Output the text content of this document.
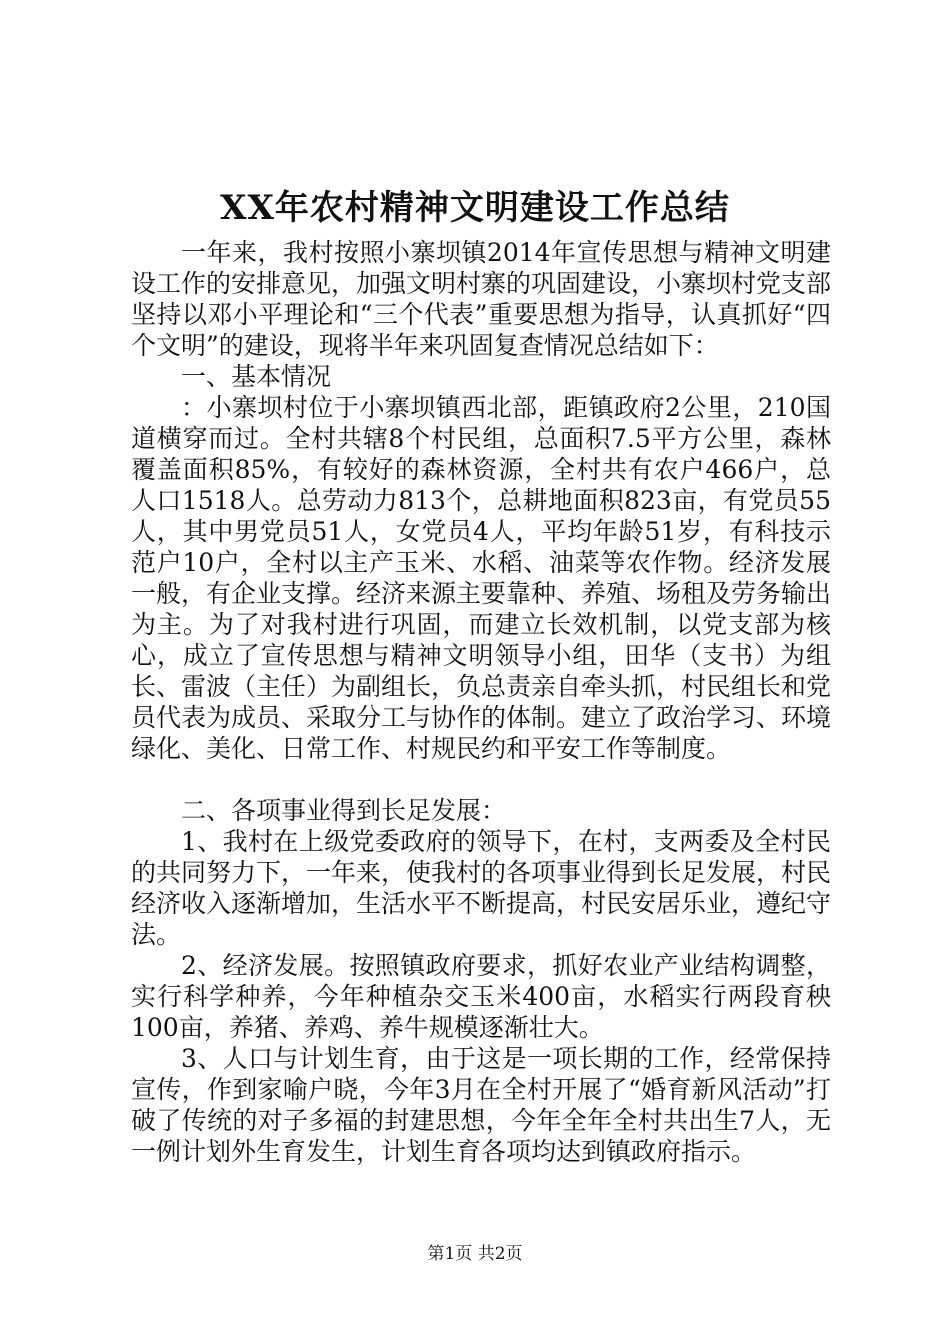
XX年农村精神文明建设工作总结

一年来，我村按照小寨坝镇2014年宣传思想与精神文明建设工作的安排意见，加强文明村寨的巩固建设，小寨坝村党支部坚持以邓小平理论和“三个代表”重要思想为指导，认真抓好“四个文明”的建设，现将半年来巩固复查情况总结如下：

一、基本情况

：小寨坝村位于小寨坝镇西北部，距镇政府2公里，210国道横穿而过。全村共辖8个村民组，总面积7.5平方公里，森林覆盖面积85%，有较好的森林资源，全村共有农户466户，总人口1518人。总劳动力813个，总耕地面积823亩，有党员55人，其中男党员51人，女党员4人，平均年龄51岁，有科技示范户10户，全村以主产玉米、水稻、油菜等农作物。经济发展一般，有企业支撑。经济来源主要靠种、养殖、场租及劳务输出为主。为了对我村进行巩固，而建立长效机制，以党支部为核心，成立了宣传思想与精神文明领导小组，田华（支书）为组长、雷波（主任）为副组长，负总责亲自牵头抓，村民组长和党员代表为成员、采取分工与协作的体制。建立了政治学习、环境绿化、美化、日常工作、村规民约和平安工作等制度。

二、各项事业得到长足发展：

1、我村在上级党委政府的领导下，在村，支两委及全村民的共同努力下，一年来，使我村的各项事业得到长足发展，村民经济收入逐渐增加，生活水平不断提高，村民安居乐业，遵纪守法。

2、经济发展。按照镇政府要求，抓好农业产业结构调整，实行科学种养，今年种植杂交玉米400亩，水稻实行两段育秧100亩，养猪、养鸡、养牛规模逐渐壮大。

3、人口与计划生育，由于这是一项长期的工作，经常保持宣传，作到家喻户晓，今年3月在全村开展了“婚育新风活动”打破了传统的对子多福的封建思想，今年全年全村共出生7人，无一例计划外生育发生，计划生育各项均达到镇政府指示。

第1页 共2页
